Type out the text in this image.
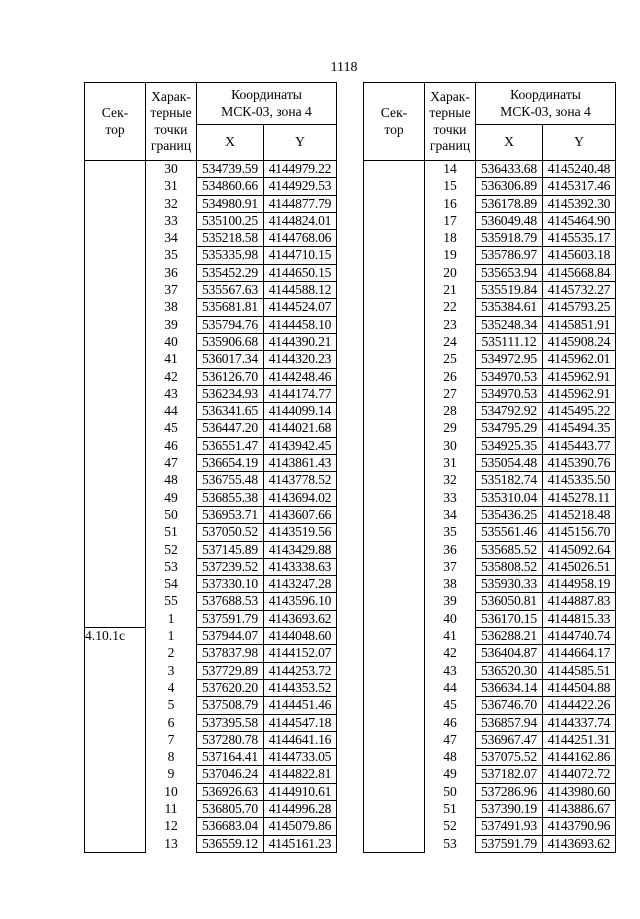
1118
Сек-
тор	Харак-
терные
точки
границ	Координаты
МСК-03, зона 4	
		X	Y
	30	534739.59	4144979.22
	31	534860.66	4144929.53
	32	534980.91	4144877.79
	33	535100.25	4144824.01
	34	535218.58	4144768.06
	35	535335.98	4144710.15
	36	535452.29	4144650.15
	37	535567.63	4144588.12
	38	535681.81	4144524.07
	39	535794.76	4144458.10
	40	535906.68	4144390.21
	41	536017.34	4144320.23
	42	536126.70	4144248.46
	43	536234.93	4144174.77
	44	536341.65	4144099.14
	45	536447.20	4144021.68
	46	536551.47	4143942.45
	47	536654.19	4143861.43
	48	536755.48	4143778.52
	49	536855.38	4143694.02
	50	536953.71	4143607.66
	51	537050.52	4143519.56
	52	537145.89	4143429.88
	53	537239.52	4143338.63
	54	537330.10	4143247.28
	55	537688.53	4143596.10
	1	537591.79	4143693.62
4.10.1с	1	537944.07	4144048.60
	2	537837.98	4144152.07
	3	537729.89	4144253.72
	4	537620.20	4144353.52
	5	537508.79	4144451.46
	6	537395.58	4144547.18
	7	537280.78	4144641.16
	8	537164.41	4144733.05
	9	537046.24	4144822.81
	10	536926.63	4144910.61
	11	536805.70	4144996.28
	12	536683.04	4145079.86
	13	536559.12	4145161.23
Сек-
тор	Харак-
терные
точки
границ	Координаты
МСК-03, зона 4	
		X	Y
	14	536433.68	4145240.48
	15	536306.89	4145317.46
	16	536178.89	4145392.30
	17	536049.48	4145464.90
	18	535918.79	4145535.17
	19	535786.97	4145603.18
	20	535653.94	4145668.84
	21	535519.84	4145732.27
	22	535384.61	4145793.25
	23	535248.34	4145851.91
	24	535111.12	4145908.24
	25	534972.95	4145962.01
	26	534970.53	4145962.91
	27	534970.53	4145962.91
	28	534792.92	4145495.22
	29	534795.29	4145494.35
	30	534925.35	4145443.77
	31	535054.48	4145390.76
	32	535182.74	4145335.50
	33	535310.04	4145278.11
	34	535436.25	4145218.48
	35	535561.46	4145156.70
	36	535685.52	4145092.64
	37	535808.52	4145026.51
	38	535930.33	4144958.19
	39	536050.81	4144887.83
	40	536170.15	4144815.33
	41	536288.21	4144740.74
	42	536404.87	4144664.17
	43	536520.30	4144585.51
	44	536634.14	4144504.88
	45	536746.70	4144422.26
	46	536857.94	4144337.74
	47	536967.47	4144251.31
	48	537075.52	4144162.86
	49	537182.07	4144072.72
	50	537286.96	4143980.60
	51	537390.19	4143886.67
	52	537491.93	4143790.96
	53	537591.79	4143693.62
